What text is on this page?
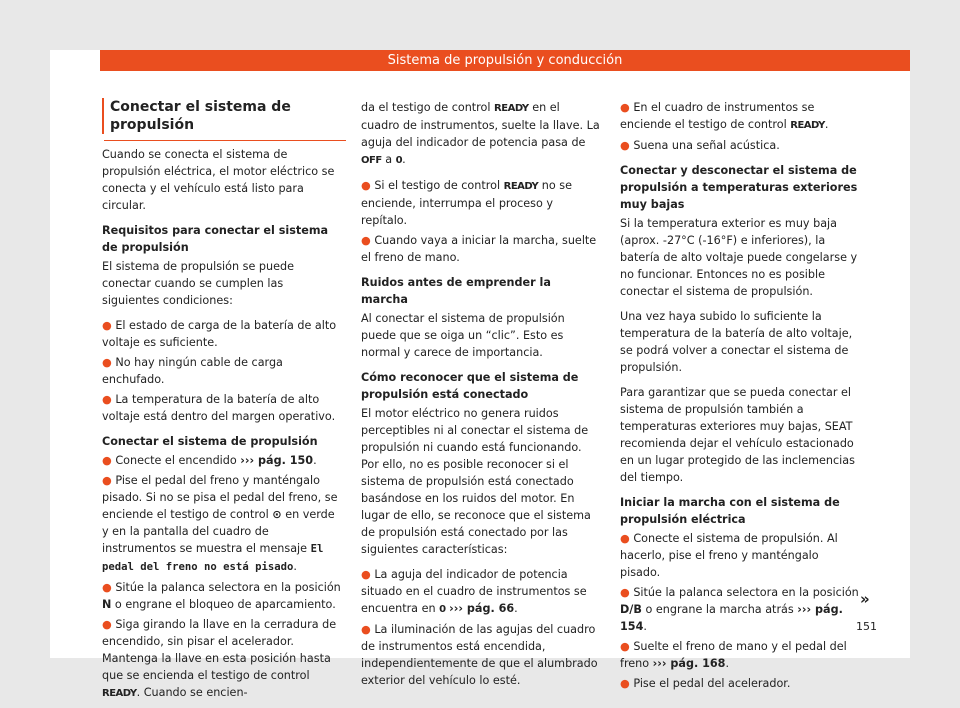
Sistema de propulsión y conducción
Conectar el sistema de propulsión

Cuando se conecta el sistema de propulsión eléctrica, el motor eléctrico se conecta y el vehículo está listo para circular.

Requisitos para conectar el sistema de propulsión

El sistema de propulsión se puede conectar cuando se cumplen las siguientes condiciones:

● El estado de carga de la batería de alto voltaje es suficiente.

● No hay ningún cable de carga enchufado.

● La temperatura de la batería de alto voltaje está dentro del margen operativo.

Conectar el sistema de propulsión

● Conecte el encendido ››› pág. 150.

● Pise el pedal del freno y manténgalo pisado. Si no se pisa el pedal del freno, se enciende el testigo de control ⊙ en verde y en la pantalla del cuadro de instrumentos se muestra el mensaje El pedal del freno no está pisado.

● Sitúe la palanca selectora en la posición N o engrane el bloqueo de aparcamiento.

● Siga girando la llave en la cerradura de encendido, sin pisar el acelerador. Mantenga la llave en esta posición hasta que se encienda el testigo de control READY. Cuando se encien-

da el testigo de control READY en el cuadro de instrumentos, suelte la llave. La aguja del indicador de potencia pasa de OFF a 0.

● Si el testigo de control READY no se enciende, interrumpa el proceso y repítalo.

● Cuando vaya a iniciar la marcha, suelte el freno de mano.

Ruidos antes de emprender la marcha

Al conectar el sistema de propulsión puede que se oiga un “clic”. Esto es normal y carece de importancia.

Cómo reconocer que el sistema de propulsión está conectado

El motor eléctrico no genera ruidos perceptibles ni al conectar el sistema de propulsión ni cuando está funcionando. Por ello, no es posible reconocer si el sistema de propulsión está conectado basándose en los ruidos del motor. En lugar de ello, se reconoce que el sistema de propulsión está conectado por las siguientes características:

● La aguja del indicador de potencia situado en el cuadro de instrumentos se encuentra en 0 ››› pág. 66.

● La iluminación de las agujas del cuadro de instrumentos está encendida, independientemente de que el alumbrado exterior del vehículo lo esté.

● En el cuadro de instrumentos se enciende el testigo de control READY.

● Suena una señal acústica.

Conectar y desconectar el sistema de propulsión a temperaturas exteriores muy bajas

Si la temperatura exterior es muy baja (aprox. -27°C (-16°F) e inferiores), la batería de alto voltaje puede congelarse y no funcionar. Entonces no es posible conectar el sistema de propulsión.

Una vez haya subido lo suficiente la temperatura de la batería de alto voltaje, se podrá volver a conectar el sistema de propulsión.

Para garantizar que se pueda conectar el sistema de propulsión también a temperaturas exteriores muy bajas, SEAT recomienda dejar el vehículo estacionado en un lugar protegido de las inclemencias del tiempo.

Iniciar la marcha con el sistema de propulsión eléctrica

● Conecte el sistema de propulsión. Al hacerlo, pise el freno y manténgalo pisado.

● Sitúe la palanca selectora en la posición D/B o engrane la marcha atrás ››› pág. 154.

● Suelte el freno de mano y el pedal del freno ››› pág. 168.

● Pise el pedal del acelerador.

»
151
